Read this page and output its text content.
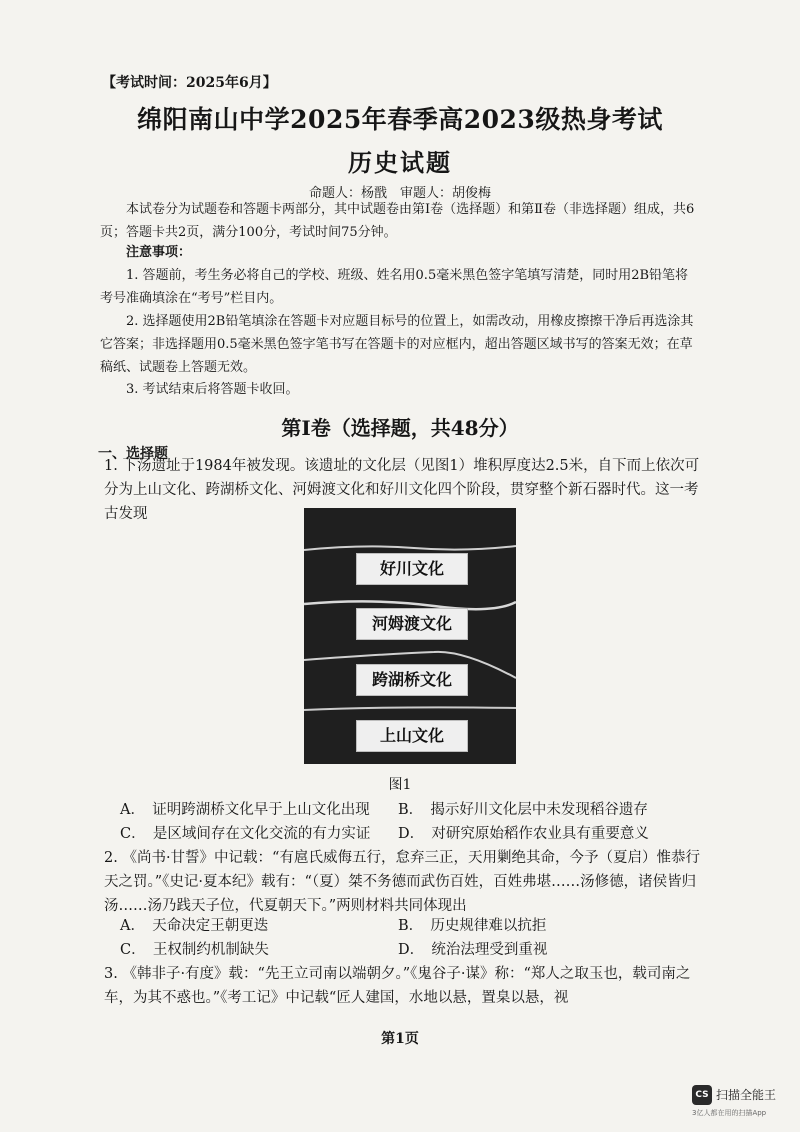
【考试时间：2025年6月】
绵阳南山中学2025年春季高2023级热身考试
历史试题
命题人：杨戬　审题人：胡俊梅
本试卷分为试题卷和答题卡两部分，其中试题卷由第Ⅰ卷（选择题）和第Ⅱ卷（非选择题）组成，共6页；答题卡共2页，满分100分，考试时间75分钟。
注意事项：
1. 答题前，考生务必将自己的学校、班级、姓名用0.5毫米黑色签字笔填写清楚，同时用2B铅笔将考号准确填涂在“考号”栏目内。
2. 选择题使用2B铅笔填涂在答题卡对应题目标号的位置上，如需改动，用橡皮擦擦干净后再选涂其它答案；非选择题用0.5毫米黑色签字笔书写在答题卡的对应框内，超出答题区域书写的答案无效；在草稿纸、试题卷上答题无效。
3. 考试结束后将答题卡收回。
第Ⅰ卷（选择题，共48分）
一、选择题
1. 下汤遗址于1984年被发现。该遗址的文化层（见图1）堆积厚度达2.5米，自下而上依次可分为上山文化、跨湖桥文化、河姆渡文化和好川文化四个阶段，贯穿整个新石器时代。这一考古发现
好川文化
河姆渡文化
跨湖桥文化
上山文化
图1
A．　证明跨湖桥文化早于上山文化出现 B．　揭示好川文化层中未发现稻谷遗存
C．　是区域间存在文化交流的有力实证 D．　对研究原始稻作农业具有重要意义
2. 《尚书·甘誓》中记载：“有扈氏威侮五行，怠弃三正，天用剿绝其命，今予（夏启）惟恭行天之罚。”《史记·夏本纪》载有：“（夏）桀不务德而武伤百姓，百姓弗堪……汤修德，诸侯皆归汤……汤乃践天子位，代夏朝天下。”两则材料共同体现出
A．　天命决定王朝更迭	B．　历史规律难以抗拒
C．　王权制约机制缺失	D．　统治法理受到重视
3. 《韩非子·有度》载：“先王立司南以端朝夕。”《鬼谷子·谋》称：“郑人之取玉也，载司南之车，为其不惑也。”《考工记》中记载“匠人建国，水地以悬，置臬以悬，视
第1页
CS 扫描全能王
3亿人都在用的扫描App
